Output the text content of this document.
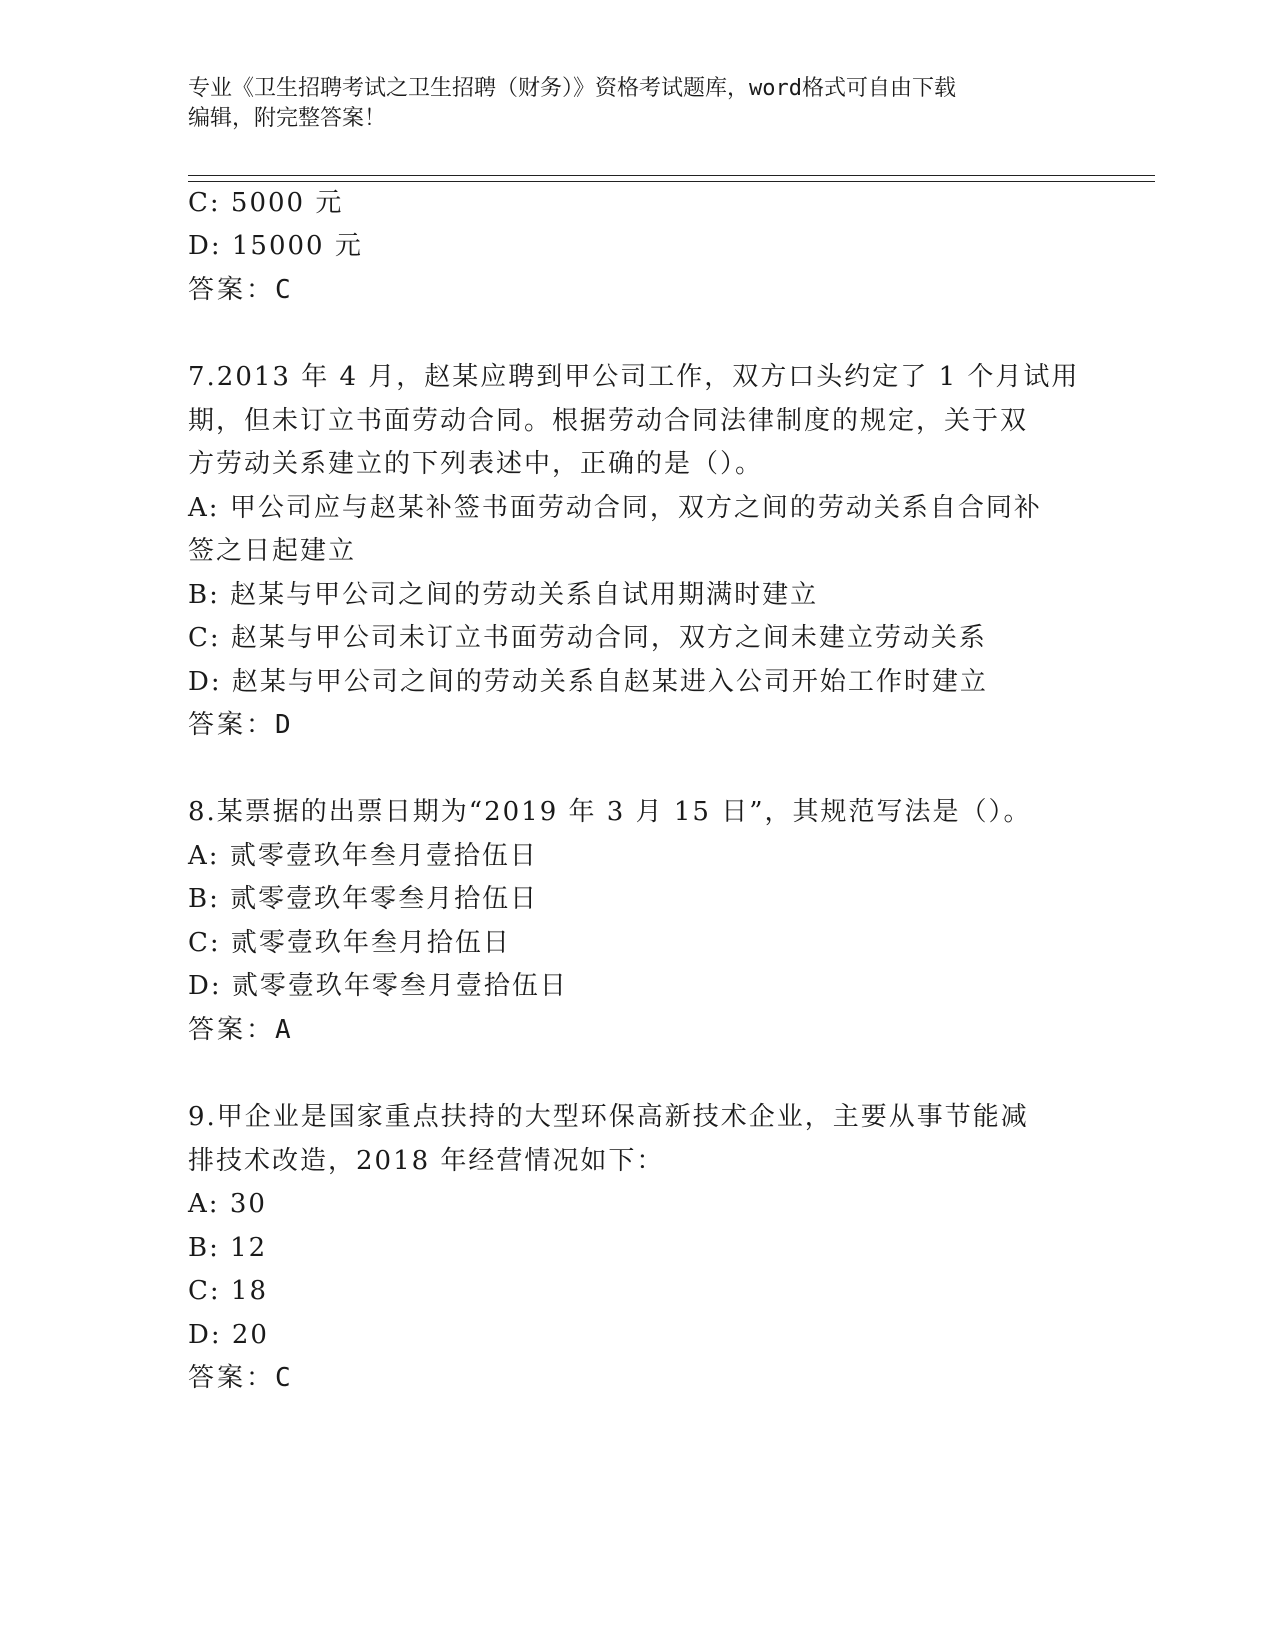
专业《卫生招聘考试之卫生招聘（财务）》资格考试题库，word格式可自由下载
编辑，附完整答案！
C: 5000 元
D: 15000 元
答案：C
7.2013 年 4 月，赵某应聘到甲公司工作，双方口头约定了 1 个月试用
期，但未订立书面劳动合同。根据劳动合同法律制度的规定，关于双
方劳动关系建立的下列表述中，正确的是（）。
A: 甲公司应与赵某补签书面劳动合同，双方之间的劳动关系自合同补
签之日起建立
B: 赵某与甲公司之间的劳动关系自试用期满时建立
C: 赵某与甲公司未订立书面劳动合同，双方之间未建立劳动关系
D: 赵某与甲公司之间的劳动关系自赵某进入公司开始工作时建立
答案：D
8.某票据的出票日期为“2019 年 3 月 15 日”，其规范写法是（）。
A: 贰零壹玖年叁月壹拾伍日
B: 贰零壹玖年零叁月拾伍日
C: 贰零壹玖年叁月拾伍日
D: 贰零壹玖年零叁月壹拾伍日
答案：A
9.甲企业是国家重点扶持的大型环保高新技术企业，主要从事节能减
排技术改造，2018 年经营情况如下：
A: 30
B: 12
C: 18
D: 20
答案：C
